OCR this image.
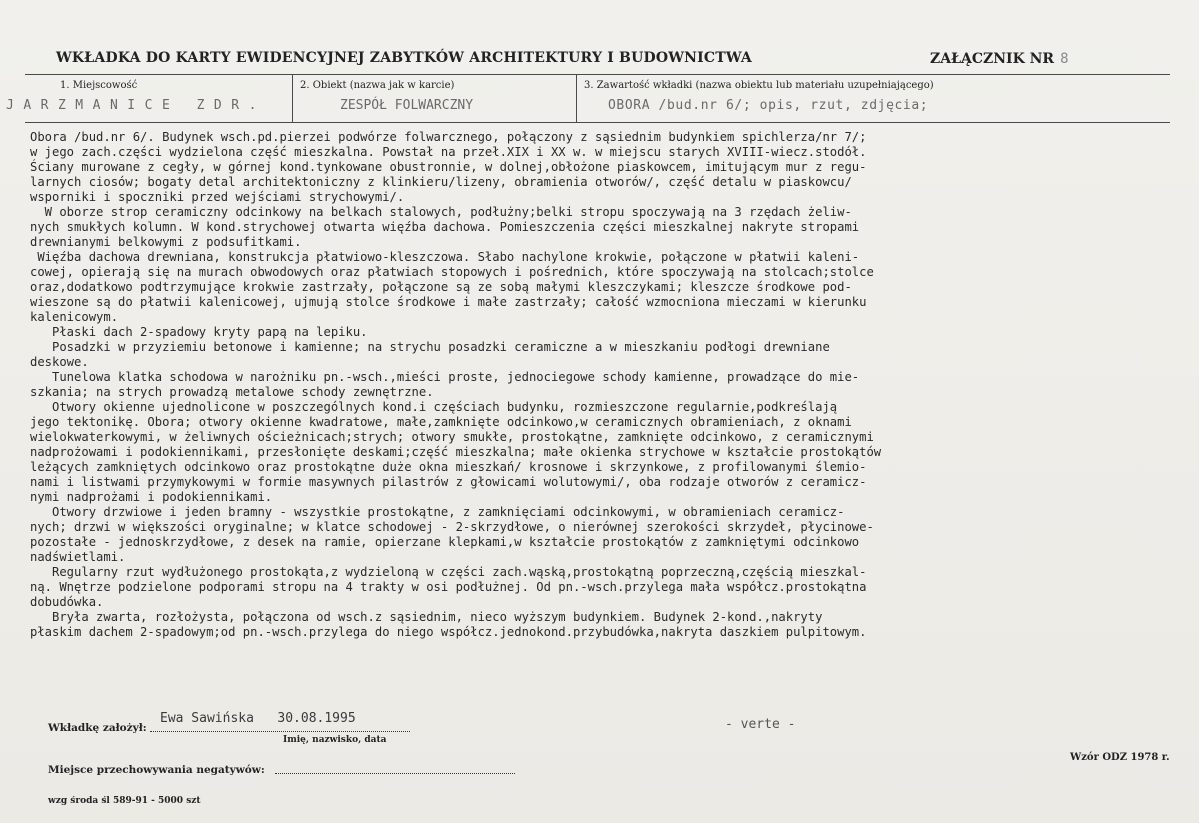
WKŁADKA DO KARTY EWIDENCYJNEJ ZABYTKÓW ARCHITEKTURY I BUDOWNICTWA	ZAŁĄCZNIK NR 8
1. Miejscowość
JARZMANICE ZDR.
2. Obiekt (nazwa jak w karcie)
ZESPÓŁ FOLWARCZNY
3. Zawartość wkładki (nazwa obiektu lub materiału uzupełniającego)
OBORA /bud.nr 6/; opis, rzut, zdjęcia;
Obora /bud.nr 6/. Budynek wsch.pd.pierzei podwórze folwarcznego, połączony z sąsiednim budynkiem spichlerza/nr 7/;
w jego zach.części wydzielona część mieszkalna. Powstał na przeł.XIX i XX w. w miejscu starych XVIII-wiecz.stodół.
Ściany murowane z cegły, w górnej kond.tynkowane obustronnie, w dolnej,obłożone piaskowcem, imitującym mur z regu-
larnych ciosów; bogaty detal architektoniczny z klinkieru/lizeny, obramienia otworów/, część detalu w piaskowcu/
wsporniki i spoczniki przed wejściami strychowymi/.
W oborze strop ceramiczny odcinkowy na belkach stalowych, podłużny;belki stropu spoczywają na 3 rzędach żeliw-
nych smukłych kolumn. W kond.strychowej otwarta więźba dachowa. Pomieszczenia części mieszkalnej nakryte stropami
drewnianymi belkowymi z podsufitkami.
Więźba dachowa drewniana, konstrukcja płatwiowo-kleszczowa. Słabo nachylone krokwie, połączone w płatwii kaleni-
cowej, opierają się na murach obwodowych oraz płatwiach stopowych i pośrednich, które spoczywają na stolcach;stolce
oraz,dodatkowo podtrzymujące krokwie zastrzały, połączone są ze sobą małymi kleszczykami; kleszcze środkowe pod-
wieszone są do płatwii kalenicowej, ujmują stolce środkowe i małe zastrzały; całość wzmocniona mieczami w kierunku
kalenicowym.
Płaski dach 2-spadowy kryty papą na lepiku.
Posadzki w przyziemiu betonowe i kamienne; na strychu posadzki ceramiczne a w mieszkaniu podłogi drewniane
deskowe.
Tunelowa klatka schodowa w narożniku pn.-wsch.,mieści proste, jednociegowe schody kamienne, prowadzące do mie-
szkania; na strych prowadzą metalowe schody zewnętrzne.
Otwory okienne ujednolicone w poszczególnych kond.i częściach budynku, rozmieszczone regularnie,podkreślają
jego tektonikę. Obora; otwory okienne kwadratowe, małe,zamknięte odcinkowo,w ceramicznych obramieniach, z oknami
wielokwaterkowymi, w żeliwnych ościeżnicach;strych; otwory smukłe, prostokątne, zamknięte odcinkowo, z ceramicznymi
nadprożowami i podokiennikami, przesłonięte deskami;część mieszkalna; małe okienka strychowe w kształcie prostokątów
leżących zamkniętych odcinkowo oraz prostokątne duże okna mieszkań/ krosnowe i skrzynkowe, z profilowanymi ślemio-
nami i listwami przymykowymi w formie masywnych pilastrów z głowicami wolutowymi/, oba rodzaje otworów z ceramicz-
nymi nadprożami i podokiennikami.
Otwory drzwiowe i jeden bramny - wszystkie prostokątne, z zamknięciami odcinkowymi, w obramieniach ceramicz-
nych; drzwi w większości oryginalne; w klatce schodowej - 2-skrzydłowe, o nierównej szerokości skrzydeł, płycinowe-
pozostałe - jednoskrzydłowe, z desek na ramie, opierzane klepkami,w kształcie prostokątów z zamkniętymi odcinkowo
nadświetlami.
Regularny rzut wydłużonego prostokąta,z wydzieloną w części zach.wąską,prostokątną poprzeczną,częścią mieszkal-
ną. Wnętrze podzielone podporami stropu na 4 trakty w osi podłużnej. Od pn.-wsch.przylega mała współcz.prostokątna
dobudówka.
Bryła zwarta, rozłożysta, połączona od wsch.z sąsiednim, nieco wyższym budynkiem. Budynek 2-kond.,nakryty
płaskim dachem 2-spadowym;od pn.-wsch.przylega do niego współcz.jednokond.przybudówka,nakryta daszkiem pulpitowym.
Wkładkę założył:
Ewa Sawińska   30.08.1995
Imię, nazwisko, data
- verte -
Wzór ODZ 1978 r.
Miejsce przechowywania negatywów:
wzg środa śl 589-91 - 5000 szt
